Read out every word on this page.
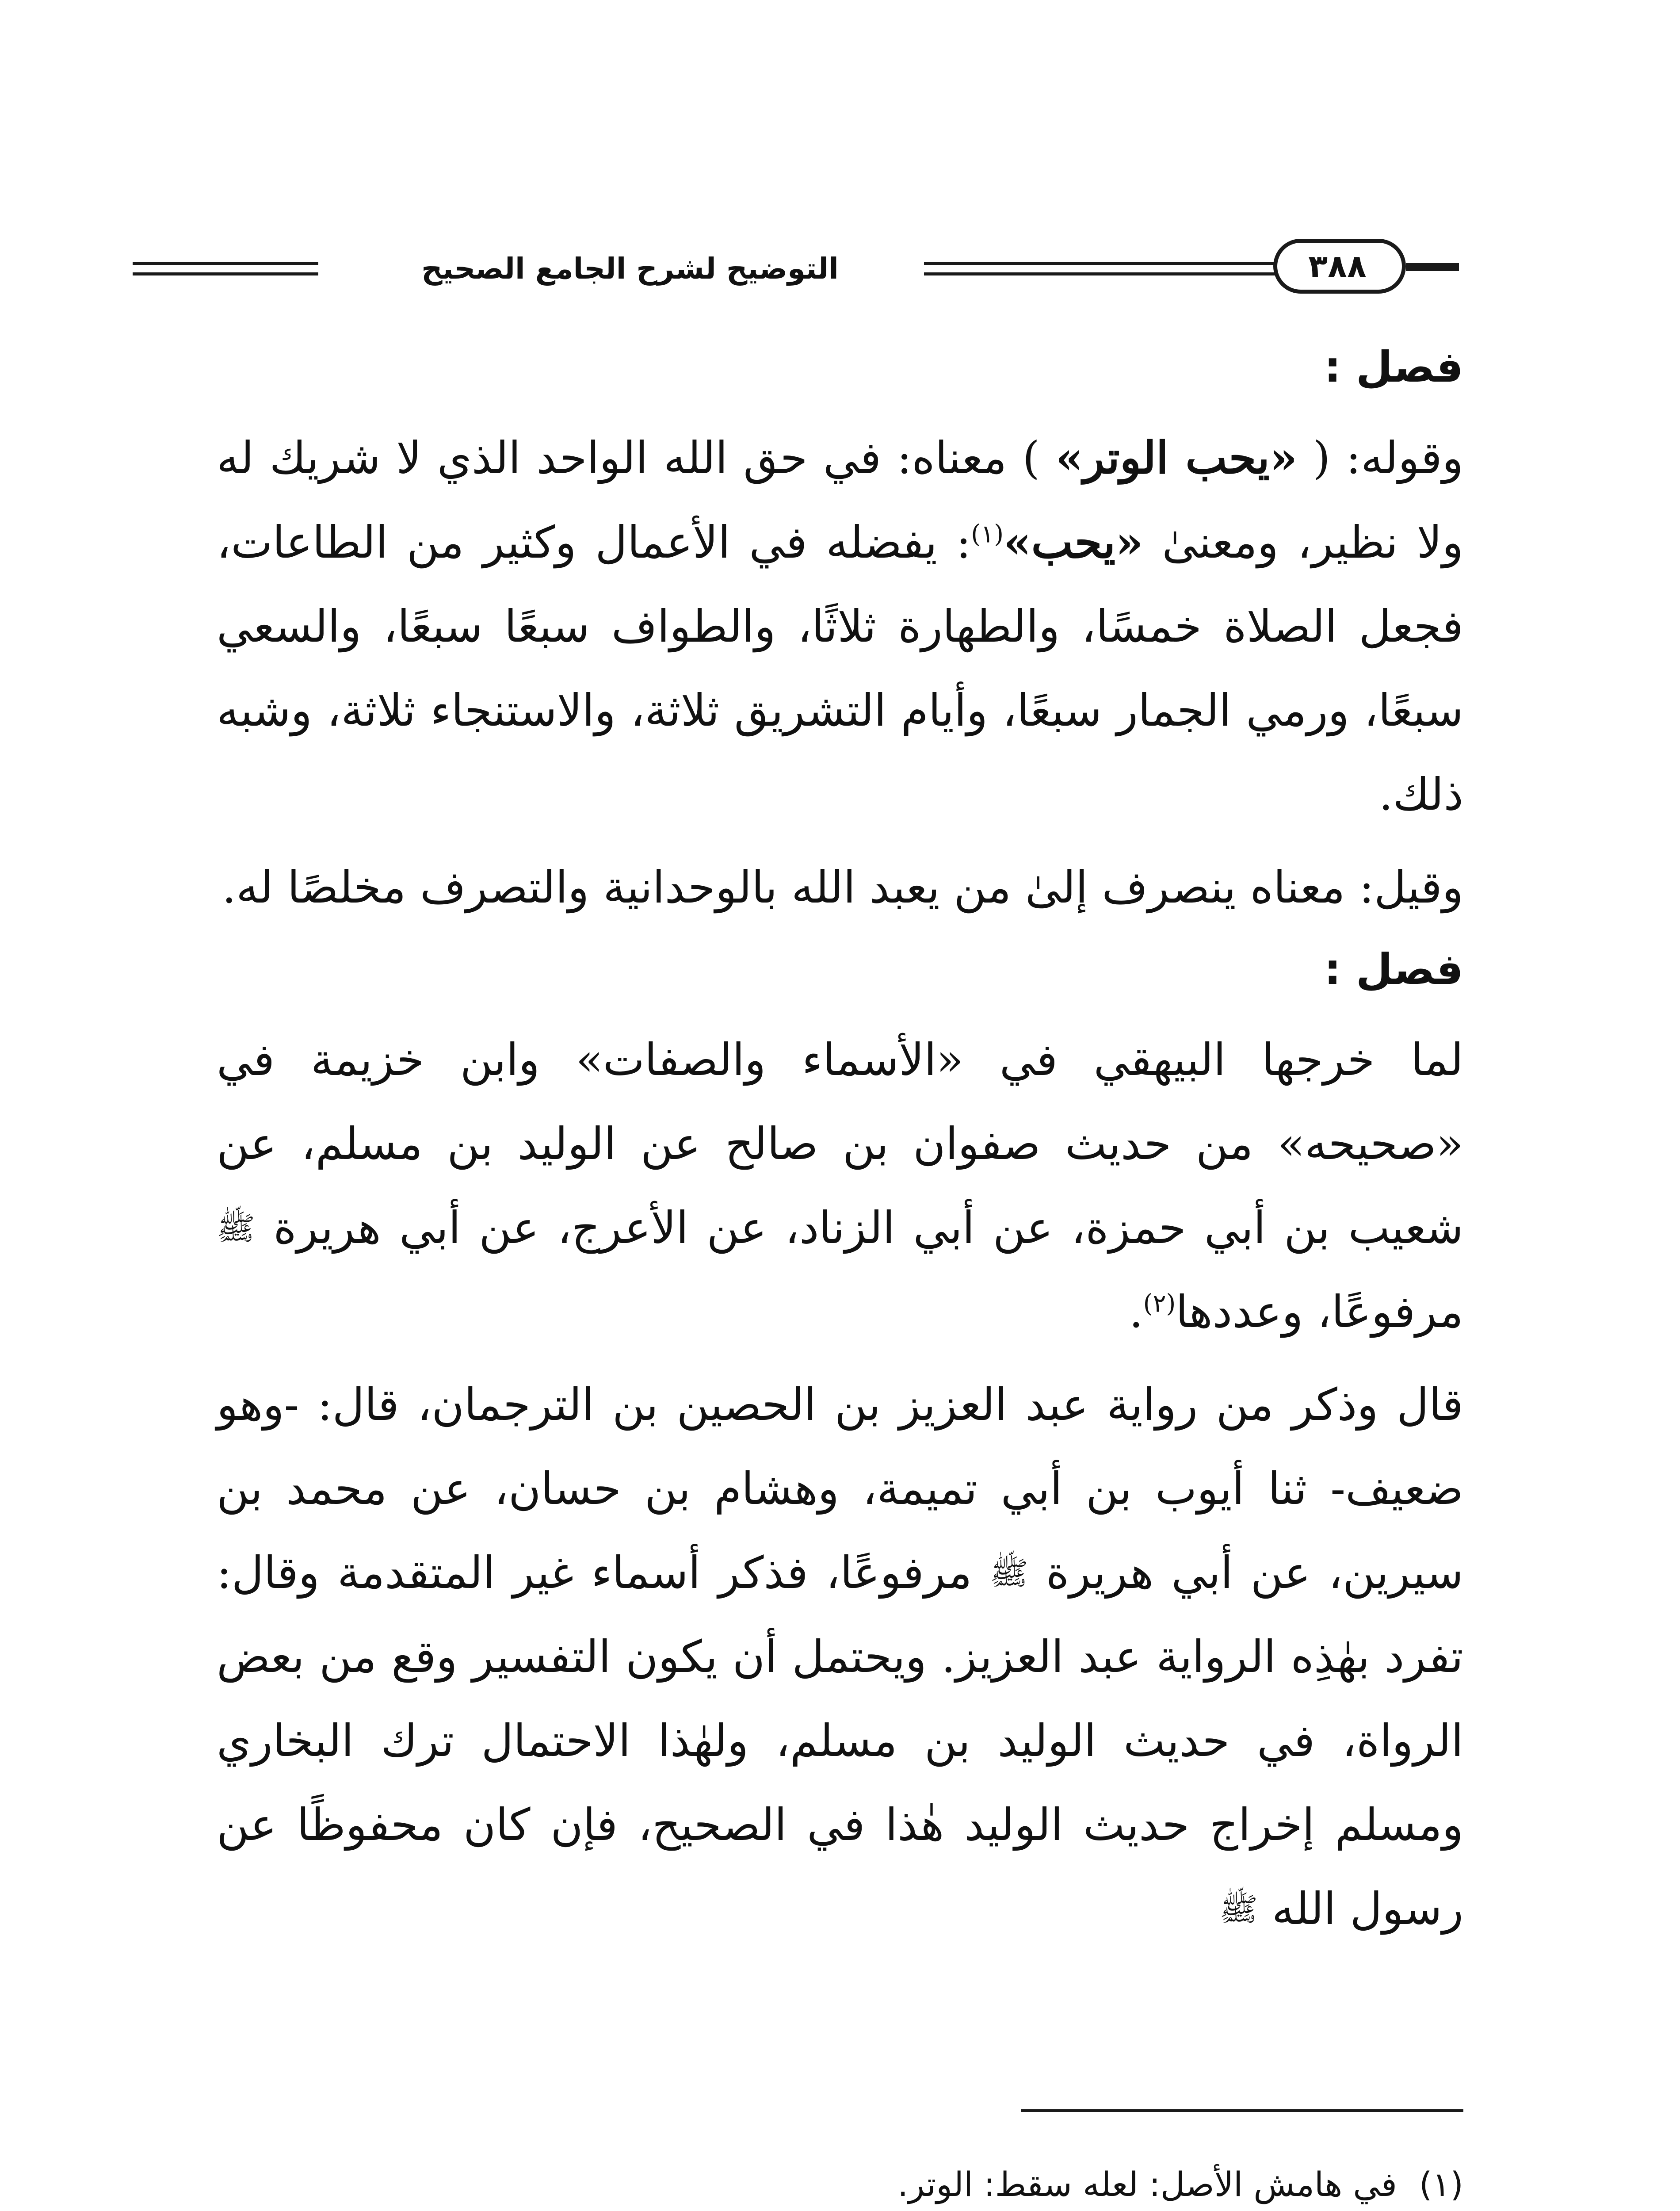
التوضيح لشرح الجامع الصحيح	٣٨٨
فصل :

وقوله: ( «يحب الوتر» ) معناه: في حق الله الواحد الذي لا شريك له ولا نظير، ومعنىٰ «يحب»$^{(١)}$: يفضله في الأعمال وكثير من الطاعات، فجعل الصلاة خمسًا، والطهارة ثلاثًا، والطواف سبعًا سبعًا، والسعي سبعًا، ورمي الجمار سبعًا، وأيام التشريق ثلاثة، والاستنجاء ثلاثة، وشبه ذلك.

وقيل: معناه ينصرف إلىٰ من يعبد الله بالوحدانية والتصرف مخلصًا له.

فصل :

لما خرجها البيهقي في «الأسماء والصفات» وابن خزيمة في «صحيحه» من حديث صفوان بن صالح عن الوليد بن مسلم، عن شعيب بن أبي حمزة، عن أبي الزناد، عن الأعرج، عن أبي هريرة $^ﷺ$ مرفوعًا، وعددها$^{(٢)}$.

قال وذكر من رواية عبد العزيز بن الحصين بن الترجمان، قال: -وهو ضعيف- ثنا أيوب بن أبي تميمة، وهشام بن حسان، عن محمد بن سيرين، عن أبي هريرة $^ﷺ$ مرفوعًا، فذكر أسماء غير المتقدمة وقال: تفرد بهٰذِه الرواية عبد العزيز. ويحتمل أن يكون التفسير وقع من بعض الرواة، في حديث الوليد بن مسلم، ولهٰذا الاحتمال ترك البخاري ومسلم إخراج حديث الوليد هٰذا في الصحيح، فإن كان محفوظًا عن رسول الله $^ﷺ$

(١)في هامش الأصل: لعله سقط: الوتر.
